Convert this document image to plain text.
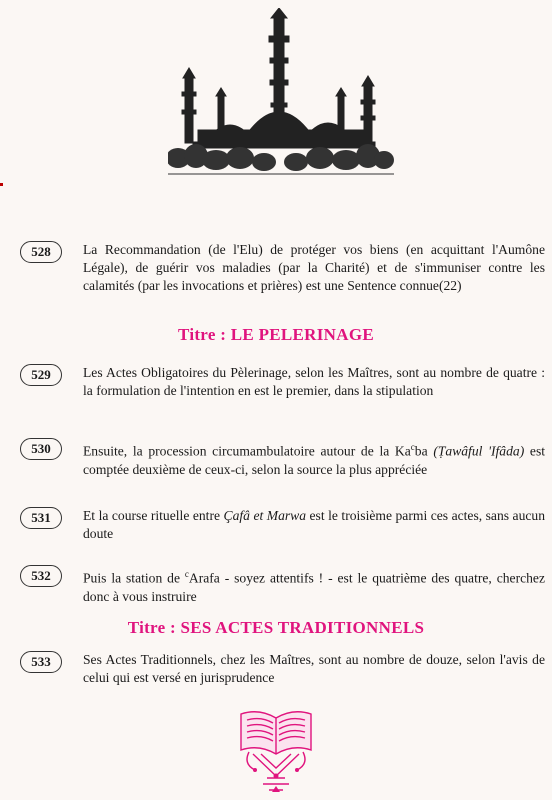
528	La Recommandation (de l'Elu) de protéger vos biens (en acquittant l'Aumône Légale), de guérir vos maladies (par la Charité) et de s'immuniser contre les calamités (par les invocations et prières) est une Sentence connue(22)
Titre : LE PELERINAGE
529	Les Actes Obligatoires du Pèlerinage, selon les Maîtres, sont au nombre de quatre : la formulation de l'intention en est le premier, dans la stipulation
530	Ensuite, la procession circumambulatoire autour de la Ka$^c$ba (Ṭawâful 'Ifâda) est comptée deuxième de ceux-ci, selon la source la plus appréciée
531	Et la course rituelle entre Çafâ et Marwa est le troisième parmi ces actes, sans aucun doute
532	Puis la station de $^c$Arafa - soyez attentifs ! - est le quatrième des quatre, cherchez donc à vous instruire
Titre : SES ACTES TRADITIONNELS
533	Ses Actes Traditionnels, chez les Maîtres, sont au nombre de douze, selon l'avis de celui qui est versé en jurisprudence
